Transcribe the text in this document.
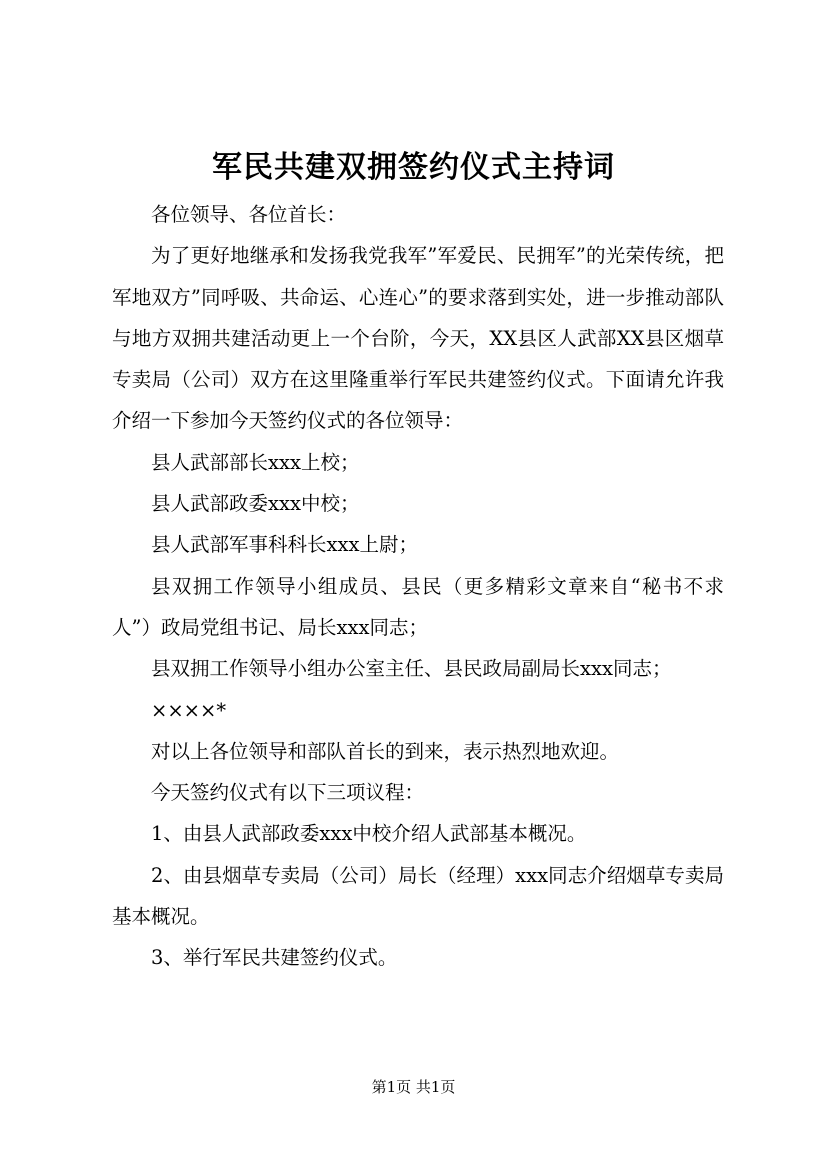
军民共建双拥签约仪式主持词

各位领导、各位首长：

为了更好地继承和发扬我党我军”军爱民、民拥军”的光荣传统，把军地双方”同呼吸、共命运、心连心”的要求落到实处，进一步推动部队与地方双拥共建活动更上一个台阶，今天，XX县区人武部XX县区烟草专卖局（公司）双方在这里隆重举行军民共建签约仪式。下面请允许我介绍一下参加今天签约仪式的各位领导：

县人武部部长xxx上校；

县人武部政委xxx中校；

县人武部军事科科长xxx上尉；

县双拥工作领导小组成员、县民（更多精彩文章来自“秘书不求人”）政局党组书记、局长xxx同志；

县双拥工作领导小组办公室主任、县民政局副局长xxx同志；

××××*

对以上各位领导和部队首长的到来，表示热烈地欢迎。

今天签约仪式有以下三项议程：

1、由县人武部政委xxx中校介绍人武部基本概况。

2、由县烟草专卖局（公司）局长（经理）xxx同志介绍烟草专卖局基本概况。

3、举行军民共建签约仪式。

第1页 共1页
